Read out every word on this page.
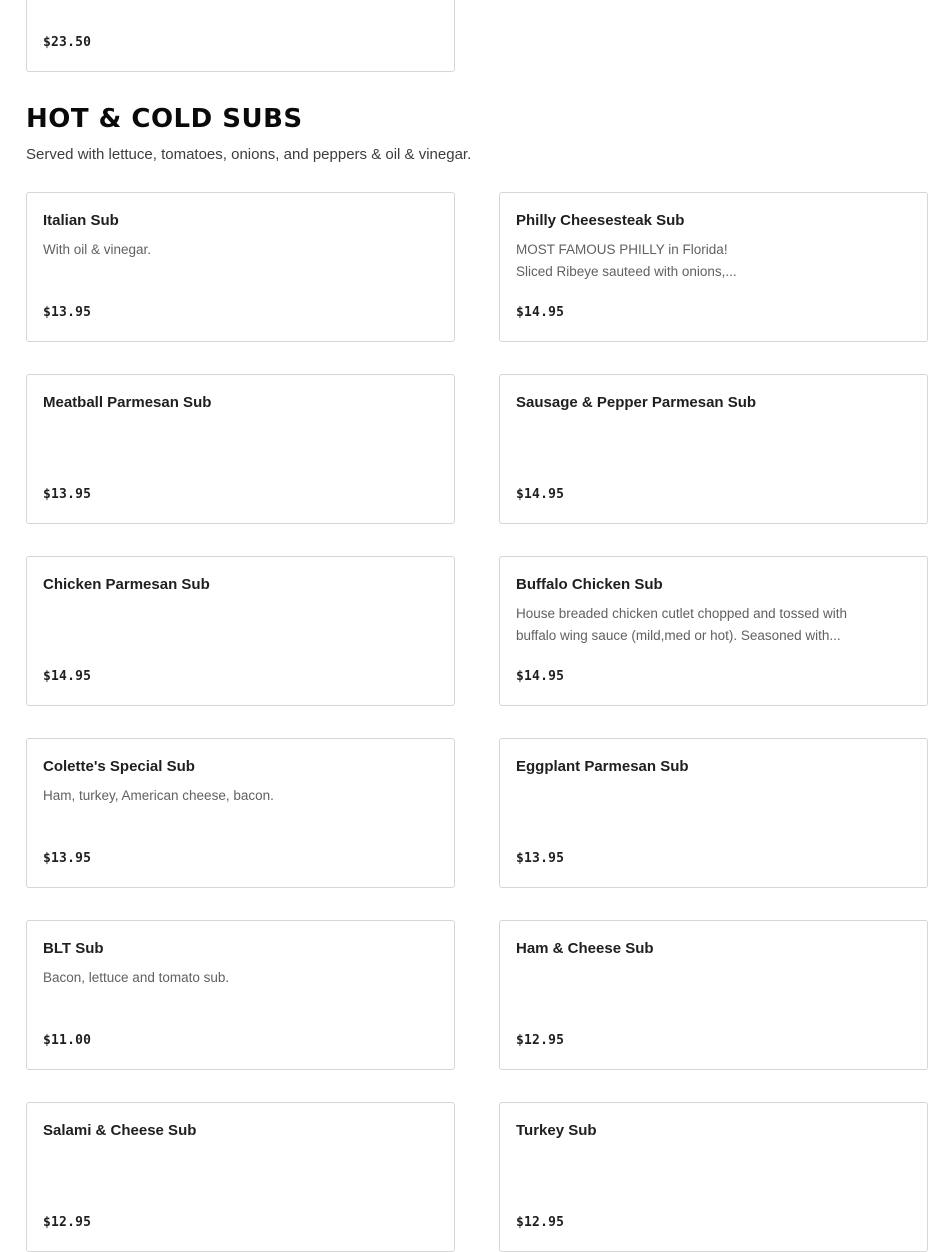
$23.50
HOT & COLD SUBS
Served with lettuce, tomatoes, onions, and peppers & oil & vinegar.
Italian Sub
With oil & vinegar.
$13.95
Philly Cheesesteak Sub
MOST FAMOUS PHILLY in Florida!
Sliced Ribeye sauteed with onions,...
$14.95
Meatball Parmesan Sub
$13.95
Sausage & Pepper Parmesan Sub
$14.95
Chicken Parmesan Sub
$14.95
Buffalo Chicken Sub
House breaded chicken cutlet chopped and tossed with
buffalo wing sauce (mild,med or hot). Seasoned with...
$14.95
Colette's Special Sub
Ham, turkey, American cheese, bacon.
$13.95
Eggplant Parmesan Sub
$13.95
BLT Sub
Bacon, lettuce and tomato sub.
$11.00
Ham & Cheese Sub
$12.95
Salami & Cheese Sub
$12.95
Turkey Sub
$12.95
